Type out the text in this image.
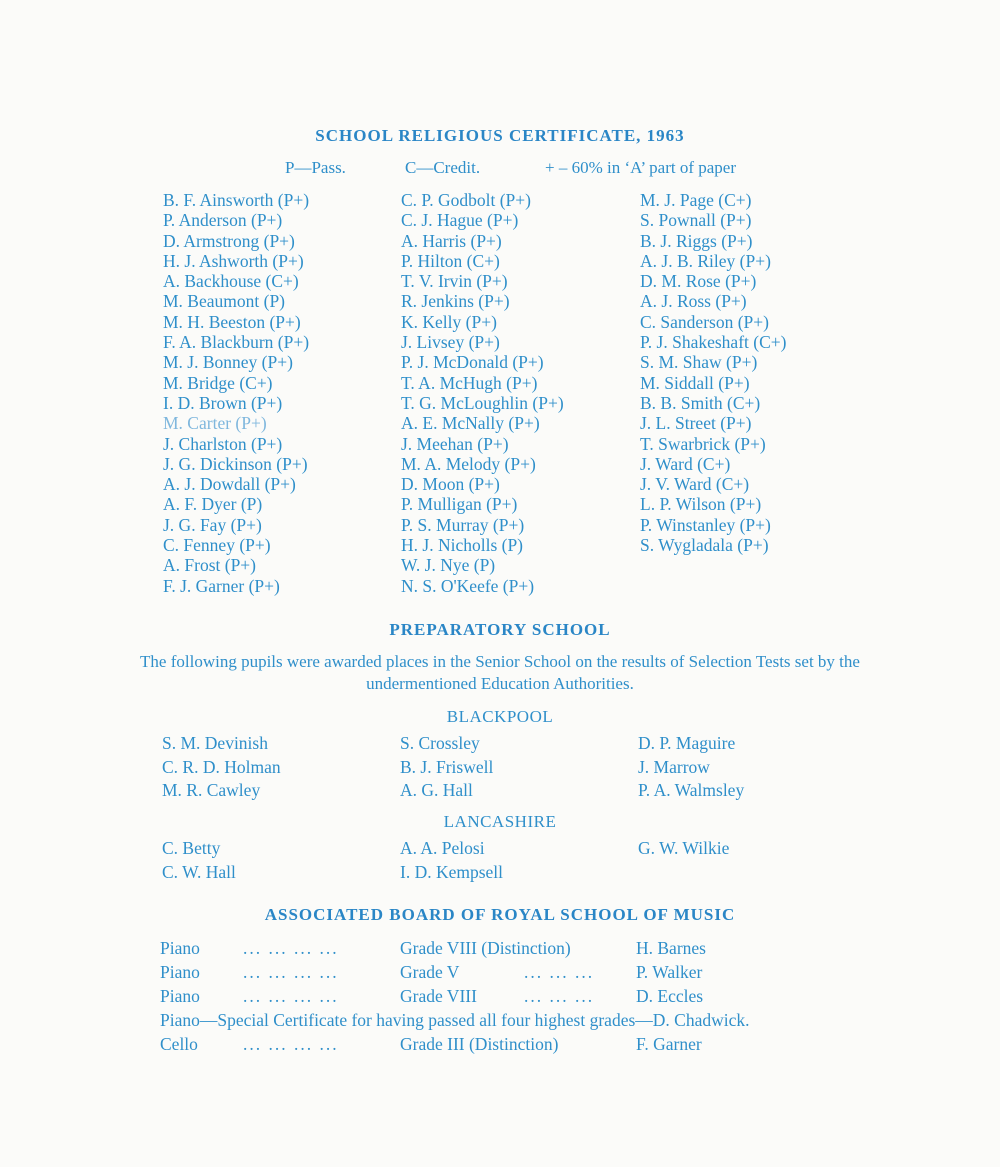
SCHOOL RELIGIOUS CERTIFICATE, 1963
P—Pass.	C—Credit.	+ – 60% in ‘A’ part of paper
B. F. Ainsworth (P+)
P. Anderson (P+)
D. Armstrong (P+)
H. J. Ashworth (P+)
A. Backhouse (C+)
M. Beaumont (P)
M. H. Beeston (P+)
F. A. Blackburn (P+)
M. J. Bonney (P+)
M. Bridge (C+)
I. D. Brown (P+)
M. Carter (P+)
J. Charlston (P+)
J. G. Dickinson (P+)
A. J. Dowdall (P+)
A. F. Dyer (P)
J. G. Fay (P+)
C. Fenney (P+)
A. Frost (P+)
F. J. Garner (P+)
C. P. Godbolt (P+)
C. J. Hague (P+)
A. Harris (P+)
P. Hilton (C+)
T. V. Irvin (P+)
R. Jenkins (P+)
K. Kelly (P+)
J. Livsey (P+)
P. J. McDonald (P+)
T. A. McHugh (P+)
T. G. McLoughlin (P+)
A. E. McNally (P+)
J. Meehan (P+)
M. A. Melody (P+)
D. Moon (P+)
P. Mulligan (P+)
P. S. Murray (P+)
H. J. Nicholls (P)
W. J. Nye (P)
N. S. O'Keefe (P+)
M. J. Page (C+)
S. Pownall (P+)
B. J. Riggs (P+)
A. J. B. Riley (P+)
D. M. Rose (P+)
A. J. Ross (P+)
C. Sanderson (P+)
P. J. Shakeshaft (C+)
S. M. Shaw (P+)
M. Siddall (P+)
B. B. Smith (C+)
J. L. Street (P+)
T. Swarbrick (P+)
J. Ward (C+)
J. V. Ward (C+)
L. P. Wilson (P+)
P. Winstanley (P+)
S. Wygladala (P+)
PREPARATORY SCHOOL
The following pupils were awarded places in the Senior School on the results of Selection Tests set by the undermentioned Education Authorities.
BLACKPOOL
S. M. Devinish
C. R. D. Holman
M. R. Cawley
S. Crossley
B. J. Friswell
A. G. Hall
D. P. Maguire
J. Marrow
P. A. Walmsley
LANCASHIRE
C. Betty
C. W. Hall
A. A. Pelosi
I. D. Kempsell
G. W. Wilkie
ASSOCIATED BOARD OF ROYAL SCHOOL OF MUSIC
Piano ... ... ... ...	Grade VIII (Distinction)	H. Barnes
Piano ... ... ... ...	Grade V	... ... ... P. Walker
Piano ... ... ... ...	Grade VIII	... ... ... D. Eccles
Piano—Special Certificate for having passed all four highest grades—D. Chadwick.
Cello	... ... ... ...	Grade III (Distinction)	F. Garner
